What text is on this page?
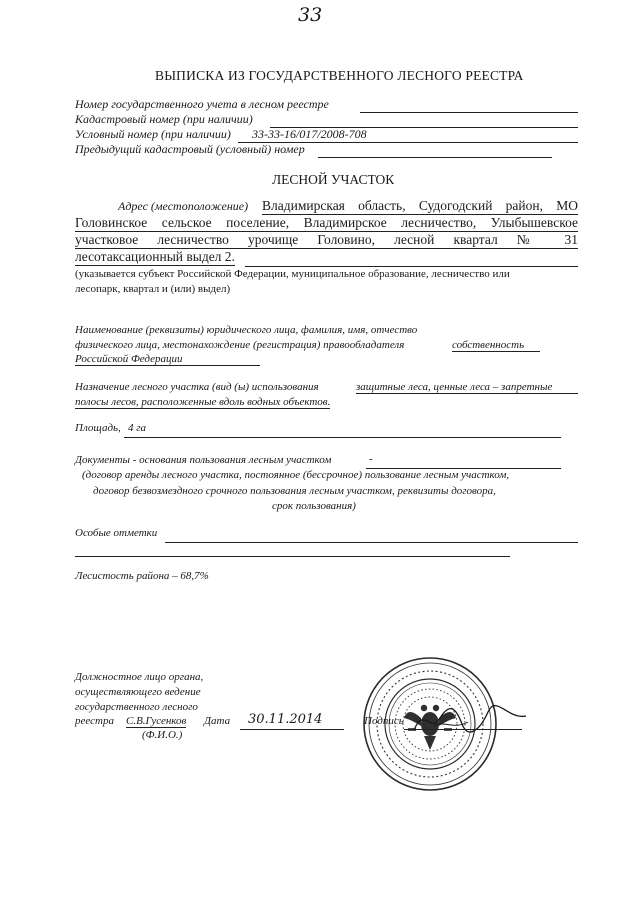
33
ВЫПИСКА ИЗ ГОСУДАРСТВЕННОГО ЛЕСНОГО РЕЕСТРА
Номер государственного учета в лесном реестре
Кадастровый номер (при наличии)
Условный номер (при наличии) 33-33-16/017/2008-708
Предыдущий кадастровый (условный) номер
ЛЕСНОЙ УЧАСТОК
Адрес (местоположение) Владимирская область, Судогодский район, МО
Головинское сельское поселение, Владимирское лесничество, Улыбышевское
участковое лесничество урочище Головино, лесной квартал № 31
лесотаксационный выдел 2.
(указывается субъект Российской Федерации, муниципальное образование, лесничество или
лесопарк, квартал и (или) выдел)
Наименование (реквизиты) юридического лица, фамилия, имя, отчество
физического лица, местонахождение (регистрация) правообладателя	собственность
Российской Федерации
Назначение лесного участка (вид (ы) использования	защитные леса, ценные леса – запретные
полосы лесов, расположенные вдоль водных объектов.
Площадь, 4 га
Документы - основания пользования лесным участком	-
(договор аренды лесного участка, постоянное (бессрочное) пользование лесным участком,
договор безвозмездного срочного пользования лесным участком, реквизиты договора,
срок пользования)
Особые отметки
Лесистость района – 68,7%
Должностное лицо органа,
осуществляющего ведение
государственного лесного
реестра С.В.Гусенков Дата 30.11.2014
(Ф.И.О.)
Подпись
